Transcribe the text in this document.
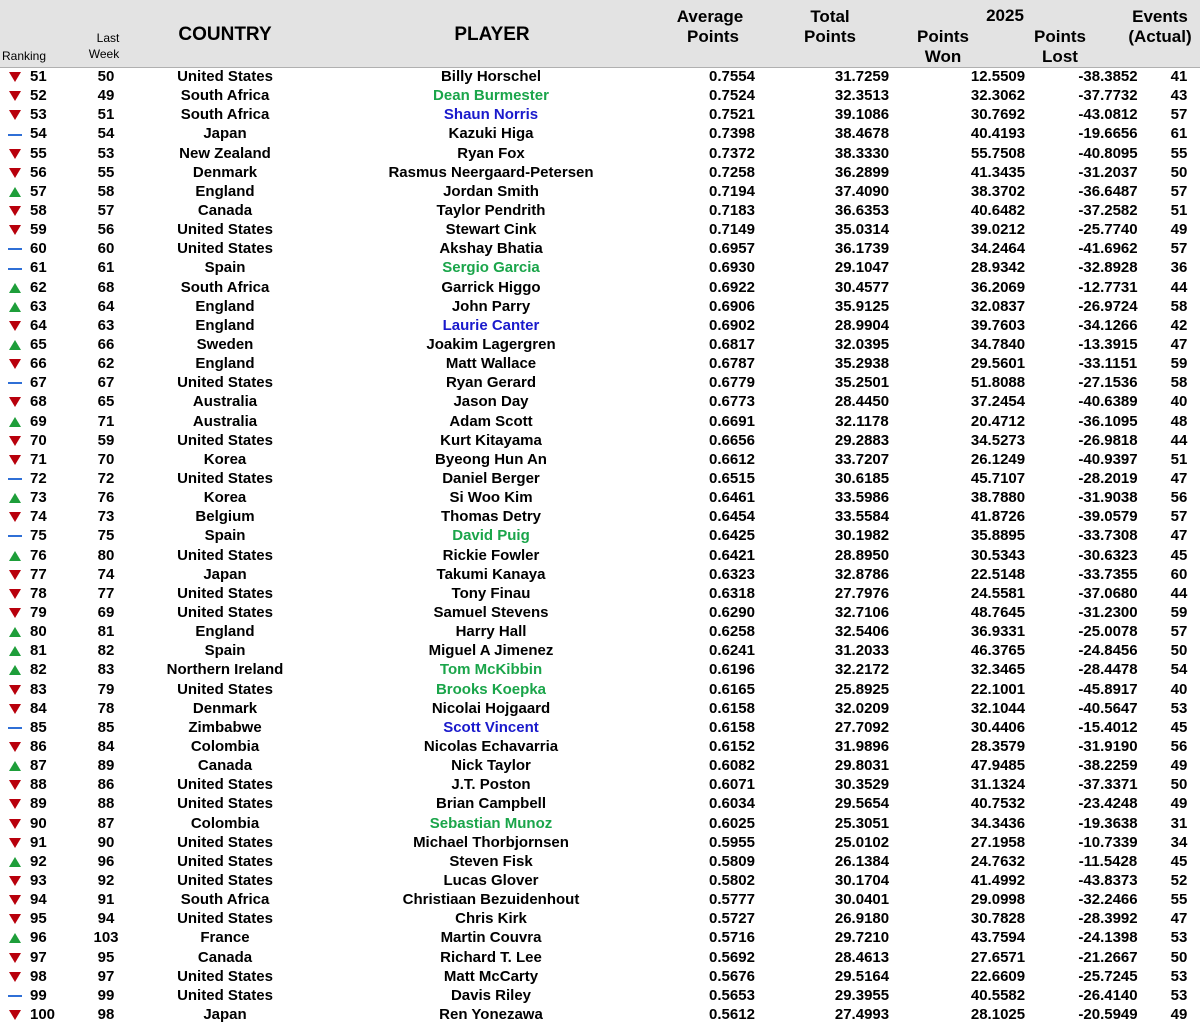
Ranking
Last
Week
COUNTRY	PLAYER
Average
Points
Total
Points
2025
Points
Won
Points
Lost
Events
(Actual)
	51	50	United States	Billy Horschel	0.7554	31.7259	12.5509	-38.3852	41
	52	49	South Africa	Dean Burmester	0.7524	32.3513	32.3062	-37.7732	43
	53	51	South Africa	Shaun Norris	0.7521	39.1086	30.7692	-43.0812	57
	54	54	Japan	Kazuki Higa	0.7398	38.4678	40.4193	-19.6656	61
	55	53	New Zealand	Ryan Fox	0.7372	38.3330	55.7508	-40.8095	55
	56	55	Denmark	Rasmus Neergaard-Petersen	0.7258	36.2899	41.3435	-31.2037	50
	57	58	England	Jordan Smith	0.7194	37.4090	38.3702	-36.6487	57
	58	57	Canada	Taylor Pendrith	0.7183	36.6353	40.6482	-37.2582	51
	59	56	United States	Stewart Cink	0.7149	35.0314	39.0212	-25.7740	49
	60	60	United States	Akshay Bhatia	0.6957	36.1739	34.2464	-41.6962	57
	61	61	Spain	Sergio Garcia	0.6930	29.1047	28.9342	-32.8928	36
	62	68	South Africa	Garrick Higgo	0.6922	30.4577	36.2069	-12.7731	44
	63	64	England	John Parry	0.6906	35.9125	32.0837	-26.9724	58
	64	63	England	Laurie Canter	0.6902	28.9904	39.7603	-34.1266	42
	65	66	Sweden	Joakim Lagergren	0.6817	32.0395	34.7840	-13.3915	47
	66	62	England	Matt Wallace	0.6787	35.2938	29.5601	-33.1151	59
	67	67	United States	Ryan Gerard	0.6779	35.2501	51.8088	-27.1536	58
	68	65	Australia	Jason Day	0.6773	28.4450	37.2454	-40.6389	40
	69	71	Australia	Adam Scott	0.6691	32.1178	20.4712	-36.1095	48
	70	59	United States	Kurt Kitayama	0.6656	29.2883	34.5273	-26.9818	44
	71	70	Korea	Byeong Hun An	0.6612	33.7207	26.1249	-40.9397	51
	72	72	United States	Daniel Berger	0.6515	30.6185	45.7107	-28.2019	47
	73	76	Korea	Si Woo Kim	0.6461	33.5986	38.7880	-31.9038	56
	74	73	Belgium	Thomas Detry	0.6454	33.5584	41.8726	-39.0579	57
	75	75	Spain	David Puig	0.6425	30.1982	35.8895	-33.7308	47
	76	80	United States	Rickie Fowler	0.6421	28.8950	30.5343	-30.6323	45
	77	74	Japan	Takumi Kanaya	0.6323	32.8786	22.5148	-33.7355	60
	78	77	United States	Tony Finau	0.6318	27.7976	24.5581	-37.0680	44
	79	69	United States	Samuel Stevens	0.6290	32.7106	48.7645	-31.2300	59
	80	81	England	Harry Hall	0.6258	32.5406	36.9331	-25.0078	57
	81	82	Spain	Miguel A Jimenez	0.6241	31.2033	46.3765	-24.8456	50
	82	83	Northern Ireland	Tom McKibbin	0.6196	32.2172	32.3465	-28.4478	54
	83	79	United States	Brooks Koepka	0.6165	25.8925	22.1001	-45.8917	40
	84	78	Denmark	Nicolai Hojgaard	0.6158	32.0209	32.1044	-40.5647	53
	85	85	Zimbabwe	Scott Vincent	0.6158	27.7092	30.4406	-15.4012	45
	86	84	Colombia	Nicolas Echavarria	0.6152	31.9896	28.3579	-31.9190	56
	87	89	Canada	Nick Taylor	0.6082	29.8031	47.9485	-38.2259	49
	88	86	United States	J.T. Poston	0.6071	30.3529	31.1324	-37.3371	50
	89	88	United States	Brian Campbell	0.6034	29.5654	40.7532	-23.4248	49
	90	87	Colombia	Sebastian Munoz	0.6025	25.3051	34.3436	-19.3638	31
	91	90	United States	Michael Thorbjornsen	0.5955	25.0102	27.1958	-10.7339	34
	92	96	United States	Steven Fisk	0.5809	26.1384	24.7632	-11.5428	45
	93	92	United States	Lucas Glover	0.5802	30.1704	41.4992	-43.8373	52
	94	91	South Africa	Christiaan Bezuidenhout	0.5777	30.0401	29.0998	-32.2466	55
	95	94	United States	Chris Kirk	0.5727	26.9180	30.7828	-28.3992	47
	96	103	France	Martin Couvra	0.5716	29.7210	43.7594	-24.1398	53
	97	95	Canada	Richard T. Lee	0.5692	28.4613	27.6571	-21.2667	50
	98	97	United States	Matt McCarty	0.5676	29.5164	22.6609	-25.7245	53
	99	99	United States	Davis Riley	0.5653	29.3955	40.5582	-26.4140	53
	100	98	Japan	Ren Yonezawa	0.5612	27.4993	28.1025	-20.5949	49
